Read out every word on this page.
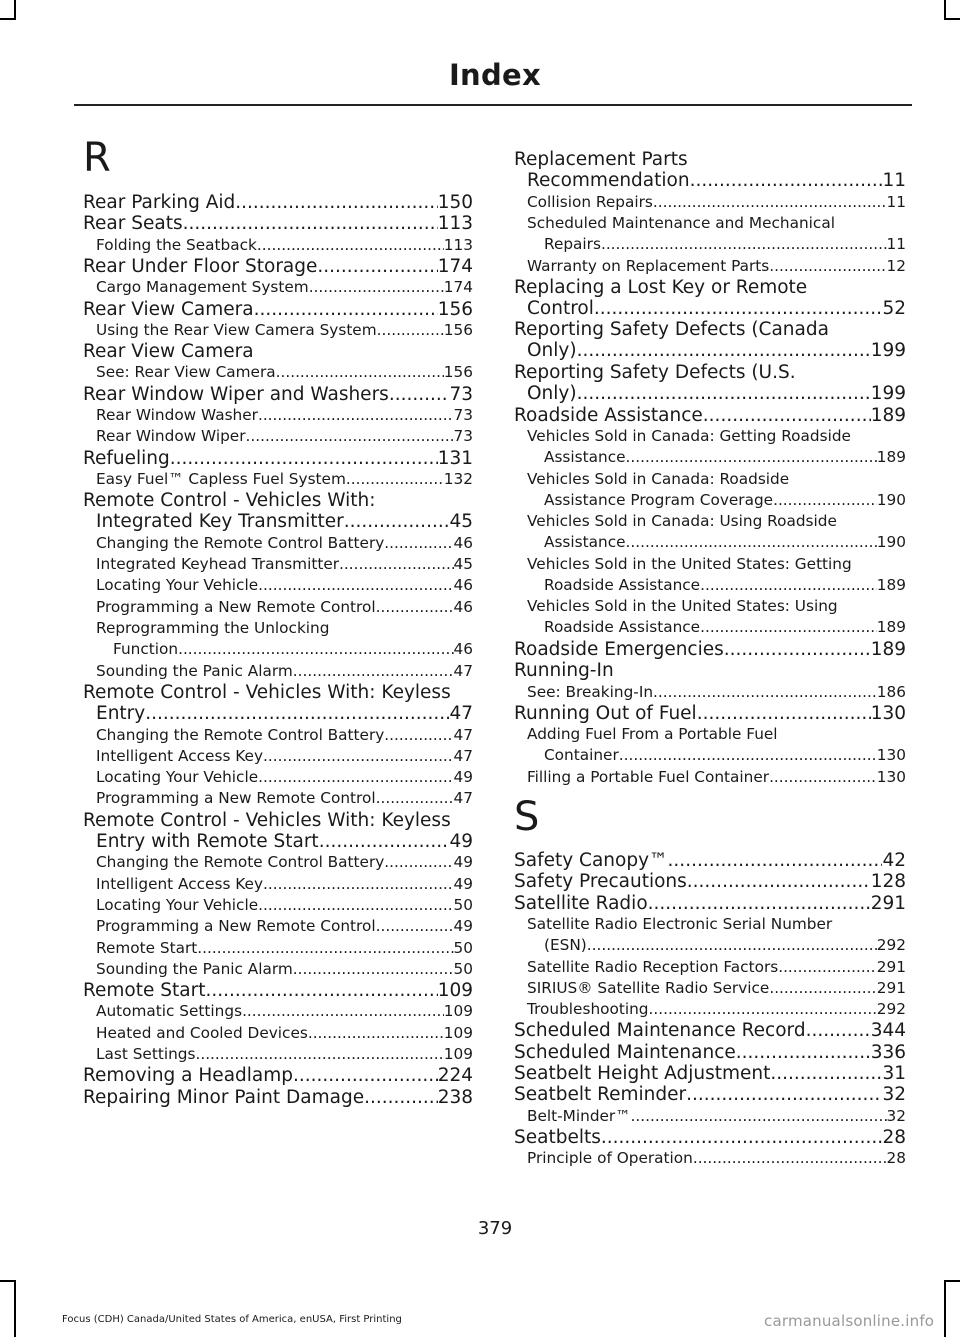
Index
R
Rear Parking Aid .....	150
Rear Seats .....	113
Folding the Seatback .....	113
Rear Under Floor Storage .....	174
Cargo Management System .....	174
Rear View Camera .....	156
Using the Rear View Camera System .....	156
Rear View Camera
See: Rear View Camera .....	156
Rear Window Wiper and Washers .....	73
Rear Window Washer .....	73
Rear Window Wiper .....	73
Refueling .....	131
Easy Fuel™ Capless Fuel System .....	132
Remote Control - Vehicles With:
Integrated Key Transmitter .....	45
Changing the Remote Control Battery .....	46
Integrated Keyhead Transmitter .....	45
Locating Your Vehicle .....	46
Programming a New Remote Control .....	46
Reprogramming the Unlocking
Function .....	46
Sounding the Panic Alarm .....	47
Remote Control - Vehicles With: Keyless
Entry .....	47
Changing the Remote Control Battery .....	47
Intelligent Access Key .....	47
Locating Your Vehicle .....	49
Programming a New Remote Control .....	47
Remote Control - Vehicles With: Keyless
Entry with Remote Start .....	49
Changing the Remote Control Battery .....	49
Intelligent Access Key .....	49
Locating Your Vehicle .....	50
Programming a New Remote Control .....	49
Remote Start .....	50
Sounding the Panic Alarm .....	50
Remote Start .....	109
Automatic Settings .....	109
Heated and Cooled Devices .....	109
Last Settings .....	109
Removing a Headlamp .....	224
Repairing Minor Paint Damage .....	238
Replacement Parts
Recommendation .....	11
Collision Repairs .....	11
Scheduled Maintenance and Mechanical
Repairs .....	11
Warranty on Replacement Parts .....	12
Replacing a Lost Key or Remote
Control .....	52
Reporting Safety Defects (Canada
Only) .....	199
Reporting Safety Defects (U.S.
Only) .....	199
Roadside Assistance .....	189
Vehicles Sold in Canada: Getting Roadside
Assistance .....	189
Vehicles Sold in Canada: Roadside
Assistance Program Coverage .....	190
Vehicles Sold in Canada: Using Roadside
Assistance .....	190
Vehicles Sold in the United States: Getting
Roadside Assistance .....	189
Vehicles Sold in the United States: Using
Roadside Assistance .....	189
Roadside Emergencies .....	189
Running-In
See: Breaking-In .....	186
Running Out of Fuel .....	130
Adding Fuel From a Portable Fuel
Container .....	130
Filling a Portable Fuel Container .....	130
S
Safety Canopy™ .....	42
Safety Precautions .....	128
Satellite Radio .....	291
Satellite Radio Electronic Serial Number
(ESN) .....	292
Satellite Radio Reception Factors .....	291
SIRIUS® Satellite Radio Service .....	291
Troubleshooting .....	292
Scheduled Maintenance Record .....	344
Scheduled Maintenance .....	336
Seatbelt Height Adjustment .....	31
Seatbelt Reminder .....	32
Belt-Minder™ .....	32
Seatbelts .....	28
Principle of Operation .....	28
379
Focus (CDH) Canada/United States of America, enUSA, First Printing	carmanualsonline.info
